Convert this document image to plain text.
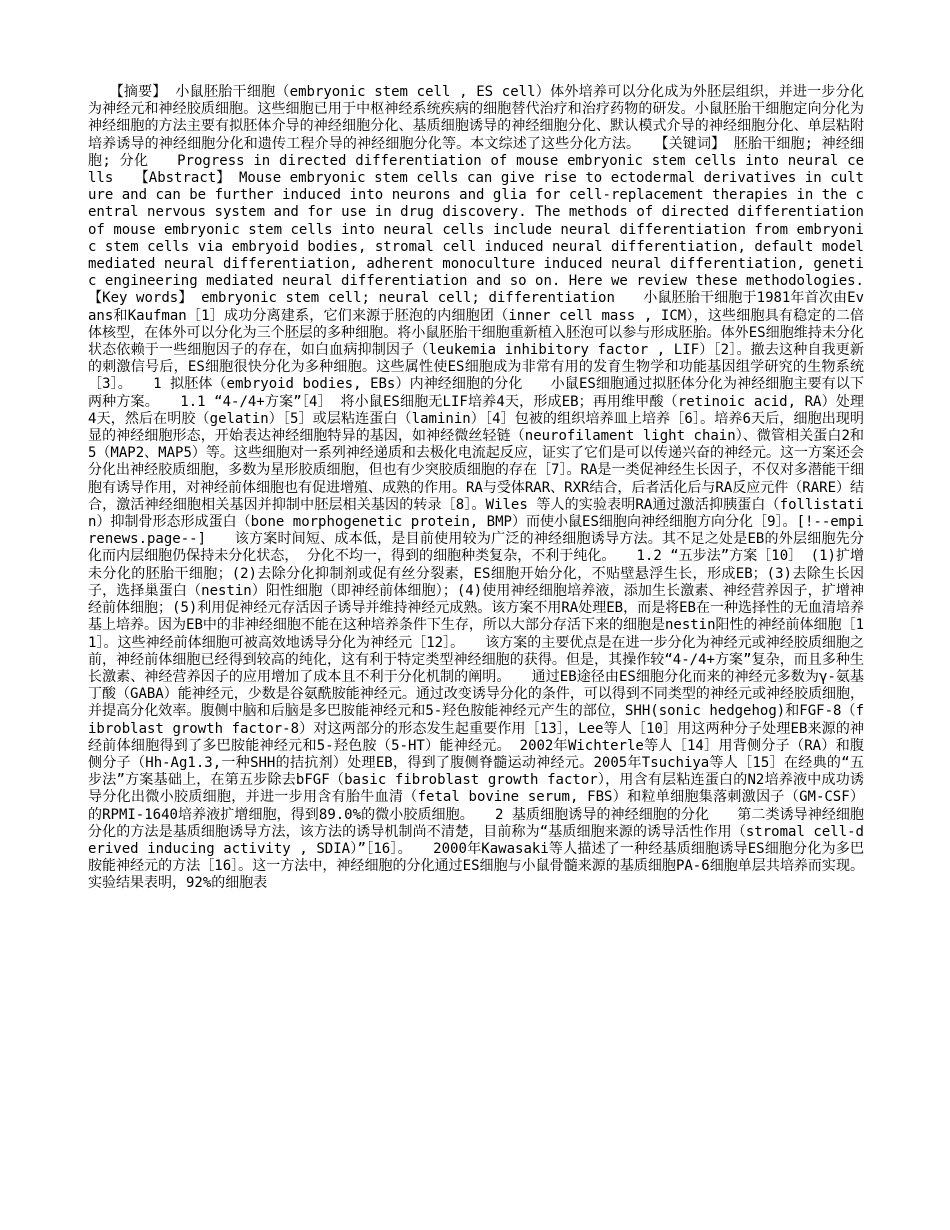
　　【摘要】 小鼠胚胎干细胞（embryonic stem cell , ES cell）体外培养可以分化成为外胚层组织，并进一步分化为神经元和神经胶质细胞。这些细胞已用于中枢神经系统疾病的细胞替代治疗和治疗药物的研发。小鼠胚胎干细胞定向分化为神经细胞的方法主要有拟胚体介导的神经细胞分化、基质细胞诱导的神经细胞分化、默认模式介导的神经细胞分化、单层粘附培养诱导的神经细胞分化和遗传工程介导的神经细胞分化等。本文综述了这些分化方法。　　【关键词】 胚胎干细胞; 神经细胞; 分化　　Progress in directed differentiation of mouse embryonic stem cells into neural cells　　【Abstract】 Mouse embryonic stem cells can give rise to ectodermal derivatives in culture and can be further induced into neurons and glia for cell-replacement therapies in the central nervous system and for use in drug discovery. The methods of directed differentiation of mouse embryonic stem cells into neural cells include neural differentiation from embryonic stem cells via embryoid bodies, stromal cell induced neural differentiation, default model mediated neural differentiation, adherent monoculture induced neural differentiation, genetic engineering mediated neural differentiation and so on. Here we review these methodologies.　　【Key words】 embryonic stem cell; neural cell; differentiation　　小鼠胚胎干细胞于1981年首次由Evans和Kaufman［1］成功分离建系，它们来源于胚泡的内细胞团（inner cell mass , ICM），这些细胞具有稳定的二倍体核型，在体外可以分化为三个胚层的多种细胞。将小鼠胚胎干细胞重新植入胚泡可以参与形成胚胎。体外ES细胞维持未分化状态依赖于一些细胞因子的存在，如白血病抑制因子（leukemia inhibitory factor , LIF）［2］。撤去这种自我更新的刺激信号后，ES细胞很快分化为多种细胞。这些属性使ES细胞成为非常有用的发育生物学和功能基因组学研究的生物系统［3］。　　1 拟胚体（embryoid bodies, EBs）内神经细胞的分化　　小鼠ES细胞通过拟胚体分化为神经细胞主要有以下两种方案。　　1.1 “4-/4+方案”［4］ 将小鼠ES细胞无LIF培养4天，形成EB；再用维甲酸（retinoic acid, RA）处理4天，然后在明胶（gelatin）［5］或层粘连蛋白（laminin）［4］包被的组织培养皿上培养［6］。培养6天后，细胞出现明显的神经细胞形态，开始表达神经细胞特异的基因，如神经微丝轻链（neurofilament light chain）、微管相关蛋白2和5（MAP2、MAP5）等。这些细胞对一系列神经递质和去极化电流起反应，证实了它们是可以传递兴奋的神经元。这一方案还会分化出神经胶质细胞，多数为星形胶质细胞，但也有少突胶质细胞的存在［7］。RA是一类促神经生长因子，不仅对多潜能干细胞有诱导作用，对神经前体细胞也有促进增殖、成熟的作用。RA与受体RAR、RXR结合，后者活化后与RA反应元件（RARE）结合，激活神经细胞相关基因并抑制中胚层相关基因的转录［8］。Wiles 等人的实验表明RA通过激活抑胰蛋白（follistatin）抑制骨形态形成蛋白（bone morphogenetic protein, BMP）而使小鼠ES细胞向神经细胞方向分化［9］。[!--empirenews.page--]　　该方案时间短、成本低，是目前使用较为广泛的神经细胞诱导方法。其不足之处是EB的外层细胞先分化而内层细胞仍保持未分化状态， 分化不均一，得到的细胞种类复杂，不利于纯化。　　1.2 “五步法”方案［10］ (1)扩增未分化的胚胎干细胞；(2)去除分化抑制剂或促有丝分裂素，ES细胞开始分化，不贴壁悬浮生长，形成EB；(3)去除生长因子，选择巢蛋白（nestin）阳性细胞（即神经前体细胞）；(4)使用神经细胞培养液，添加生长激素、神经营养因子，扩增神经前体细胞；(5)利用促神经元存活因子诱导并维持神经元成熟。该方案不用RA处理EB，而是将EB在一种选择性的无血清培养基上培养。因为EB中的非神经细胞不能在这种培养条件下生存，所以大部分存活下来的细胞是nestin阳性的神经前体细胞［11］。这些神经前体细胞可被高效地诱导分化为神经元［12］。　　该方案的主要优点是在进一步分化为神经元或神经胶质细胞之前，神经前体细胞已经得到较高的纯化，这有利于特定类型神经细胞的获得。但是，其操作较“4-/4+方案”复杂，而且多种生长激素、神经营养因子的应用增加了成本且不利于分化机制的阐明。　　通过EB途径由ES细胞分化而来的神经元多数为γ-氨基丁酸（GABA）能神经元，少数是谷氨酰胺能神经元。通过改变诱导分化的条件，可以得到不同类型的神经元或神经胶质细胞，并提高分化效率。腹侧中脑和后脑是多巴胺能神经元和5-羟色胺能神经元产生的部位，SHH(sonic hedgehog)和FGF-8（fibroblast growth factor-8）对这两部分的形态发生起重要作用［13］，Lee等人［10］用这两种分子处理EB来源的神经前体细胞得到了多巴胺能神经元和5-羟色胺（5-HT）能神经元。 2002年Wichterle等人［14］用背侧分子（RA）和腹侧分子（Hh-Ag1.3,一种SHH的拮抗剂）处理EB，得到了腹侧脊髓运动神经元。2005年Tsuchiya等人［15］在经典的“五步法”方案基础上，在第五步除去bFGF（basic fibroblast growth factor），用含有层粘连蛋白的N2培养液中成功诱导分化出微小胶质细胞，并进一步用含有胎牛血清（fetal bovine serum, FBS）和粒单细胞集落刺激因子（GM-CSF）的RPMI-1640培养液扩增细胞，得到89.0%的微小胶质细胞。　　2 基质细胞诱导的神经细胞的分化　　第二类诱导神经细胞分化的方法是基质细胞诱导方法，该方法的诱导机制尚不清楚，目前称为“基质细胞来源的诱导活性作用（stromal cell-derived inducing activity , SDIA）”［16］。　　2000年Kawasaki等人描述了一种经基质细胞诱导ES细胞分化为多巴胺能神经元的方法［16］。这一方法中，神经细胞的分化通过ES细胞与小鼠骨髓来源的基质细胞PA-6细胞单层共培养而实现。实验结果表明，92%的细胞表
